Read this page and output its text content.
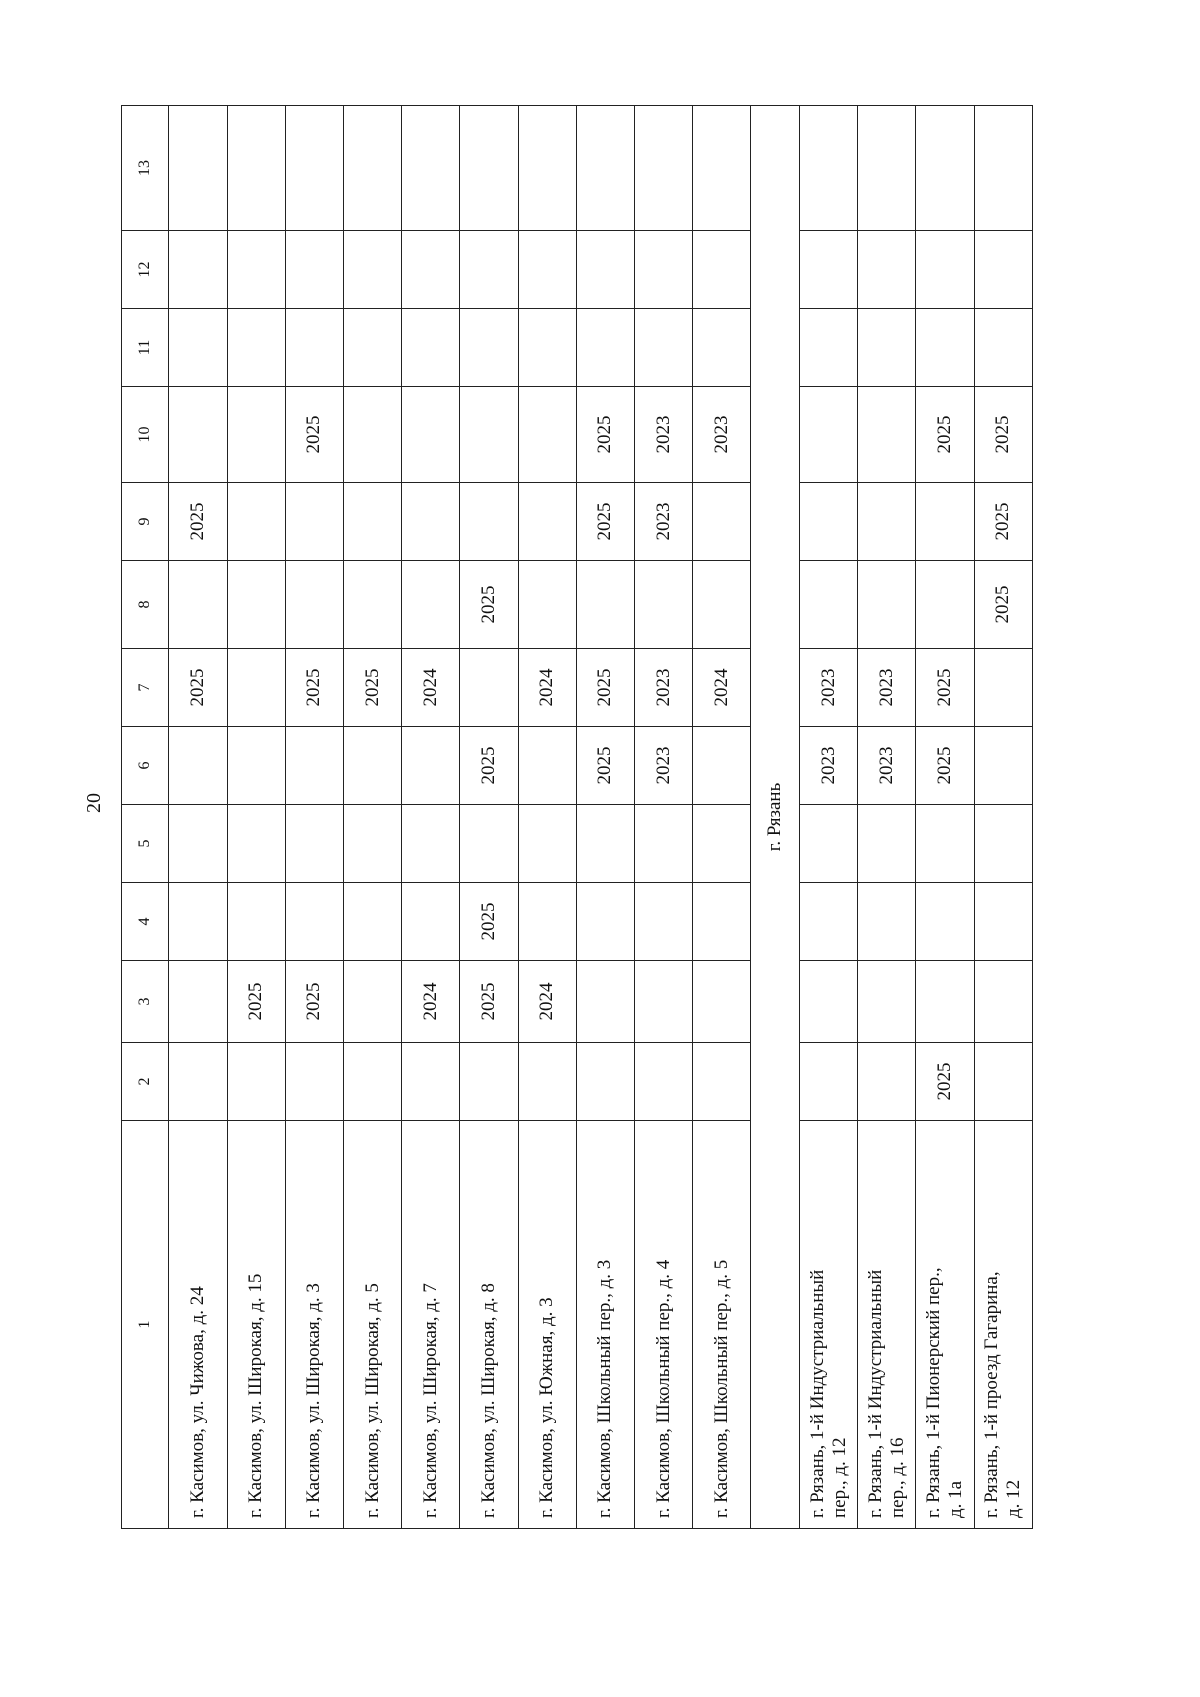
20
1	2	3	4	5	6	7	8	9	10	11	12	13
г. Касимов, ул. Чижова, д. 24						2025		2025				
г. Касимов, ул. Широкая, д. 15		2025										
г. Касимов, ул. Широкая, д. 3		2025				2025			2025			
г. Касимов, ул. Широкая, д. 5						2025						
г. Касимов, ул. Широкая, д. 7		2024				2024						
г. Касимов, ул. Широкая, д. 8		2025	2025		2025		2025					
г. Касимов, ул. Южная, д. 3		2024				2024						
г. Касимов, Школьный пер., д. 3					2025	2025		2025	2025			
г. Касимов, Школьный пер., д. 4					2023	2023		2023	2023			
г. Касимов, Школьный пер., д. 5						2024			2023			
г. Рязань												

г. Рязань, 1-й Индустриальный пер., д. 12					2023	2023						

г. Рязань, 1-й Индустриальный пер., д. 16					2023	2023						

г. Рязань, 1-й Пионерский пер., д. 1а	2025				2025	2025			2025			

г. Рязань, 1-й проезд Гагарина, д. 12							2025	2025	2025			
